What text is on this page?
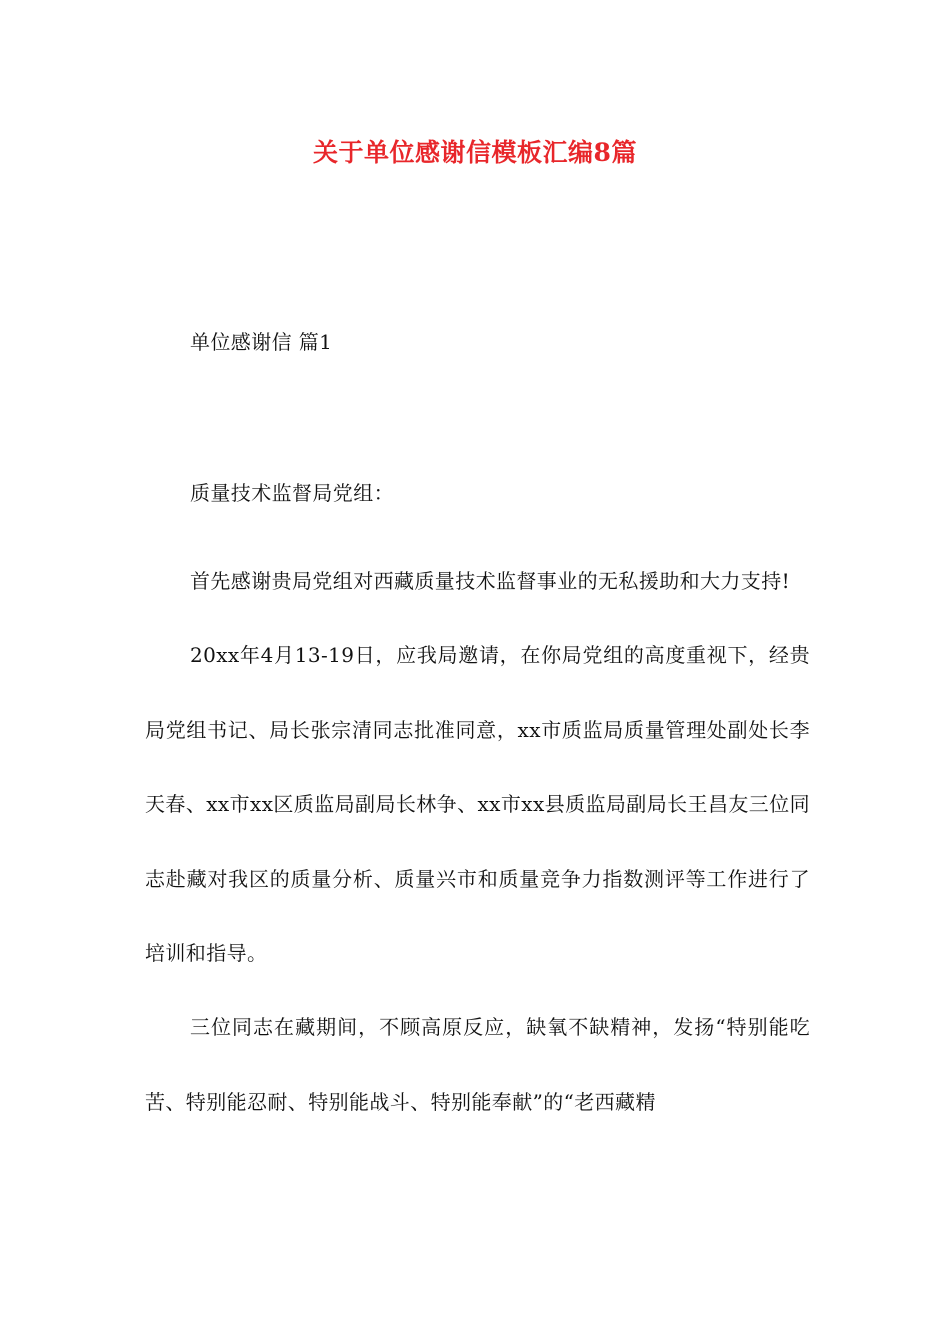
关于单位感谢信模板汇编8篇
单位感谢信 篇1
质量技术监督局党组：

首先感谢贵局党组对西藏质量技术监督事业的无私援助和大力支持!

20xx年4月13-19日，应我局邀请，在你局党组的高度重视下，经贵局党组书记、局长张宗清同志批准同意，xx市质监局质量管理处副处长李天春、xx市xx区质监局副局长林争、xx市xx县质监局副局长王昌友三位同志赴藏对我区的质量分析、质量兴市和质量竞争力指数测评等工作进行了培训和指导。

三位同志在藏期间，不顾高原反应，缺氧不缺精神，发扬“特别能吃苦、特别能忍耐、特别能战斗、特别能奉献”的“老西藏精
